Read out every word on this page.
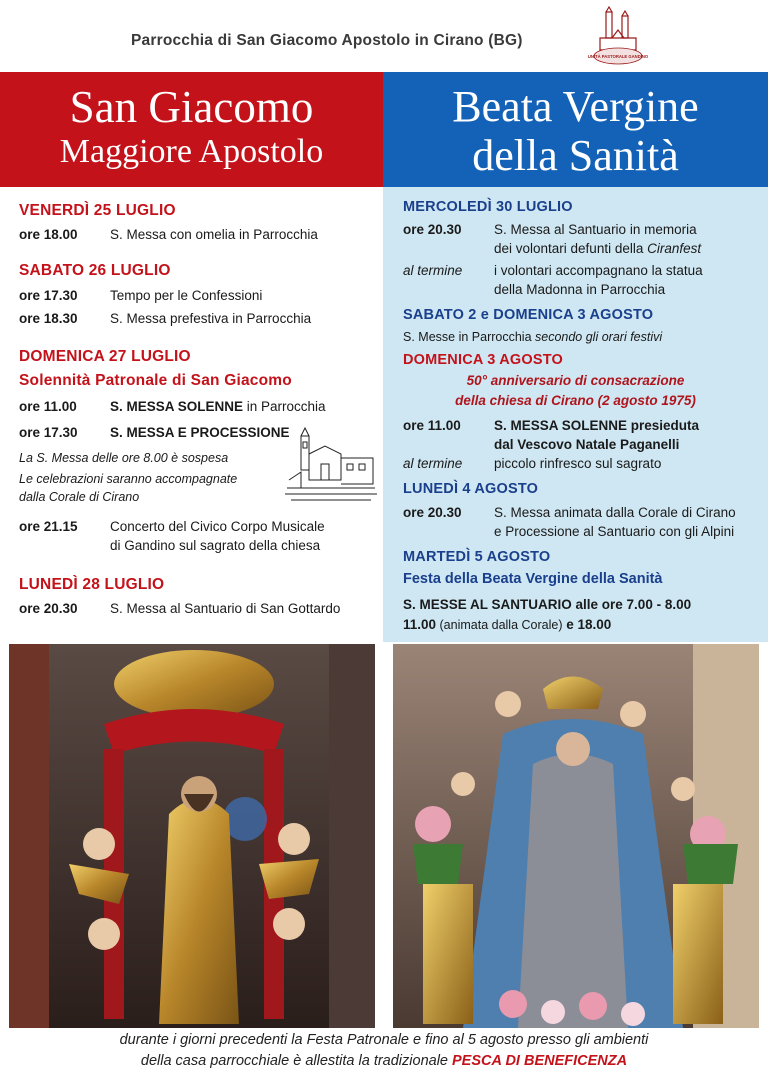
Parrocchia di San Giacomo Apostolo in Cirano (BG)
UNITÀ PASTORALE GANDINO
San Giacomo
Maggiore Apostolo
Beata Vergine
della Sanità
VENERDÌ 25 LUGLIO
ore 18.00 S. Messa con omelia in Parrocchia
SABATO 26 LUGLIO
ore 17.30 Tempo per le Confessioni
ore 18.30 S. Messa prefestiva in Parrocchia
DOMENICA 27 LUGLIO
Solennità Patronale di San Giacomo
ore 11.00 S. MESSA SOLENNE in Parrocchia
ore 17.30 S. MESSA E PROCESSIONE
La S. Messa delle ore 8.00 è sospesa
Le celebrazioni saranno accompagnate
dalla Corale di Cirano
ore 21.15 Concerto del Civico Corpo Musicale
di Gandino sul sagrato della chiesa
LUNEDÌ 28 LUGLIO
ore 20.30 S. Messa al Santuario di San Gottardo
MERCOLEDÌ 30 LUGLIO
ore 20.30 S. Messa al Santuario in memoria
dei volontari defunti della Ciranfest
al termine i volontari accompagnano la statua
della Madonna in Parrocchia
SABATO 2 e DOMENICA 3 AGOSTO
S. Messe in Parrocchia secondo gli orari festivi
DOMENICA 3 AGOSTO
50° anniversario di consacrazione
della chiesa di Cirano (2 agosto 1975)
ore 11.00 S. MESSA SOLENNE presieduta
dal Vescovo Natale Paganelli
al termine piccolo rinfresco sul sagrato
LUNEDÌ 4 AGOSTO
ore 20.30 S. Messa animata dalla Corale di Cirano
e Processione al Santuario con gli Alpini
MARTEDÌ 5 AGOSTO
Festa della Beata Vergine della Sanità
S. MESSE AL SANTUARIO alle ore 7.00 - 8.00
11.00 (animata dalla Corale) e 18.00
durante i giorni precedenti la Festa Patronale e fino al 5 agosto presso gli ambienti
della casa parrocchiale è allestita la tradizionale PESCA DI BENEFICENZA
